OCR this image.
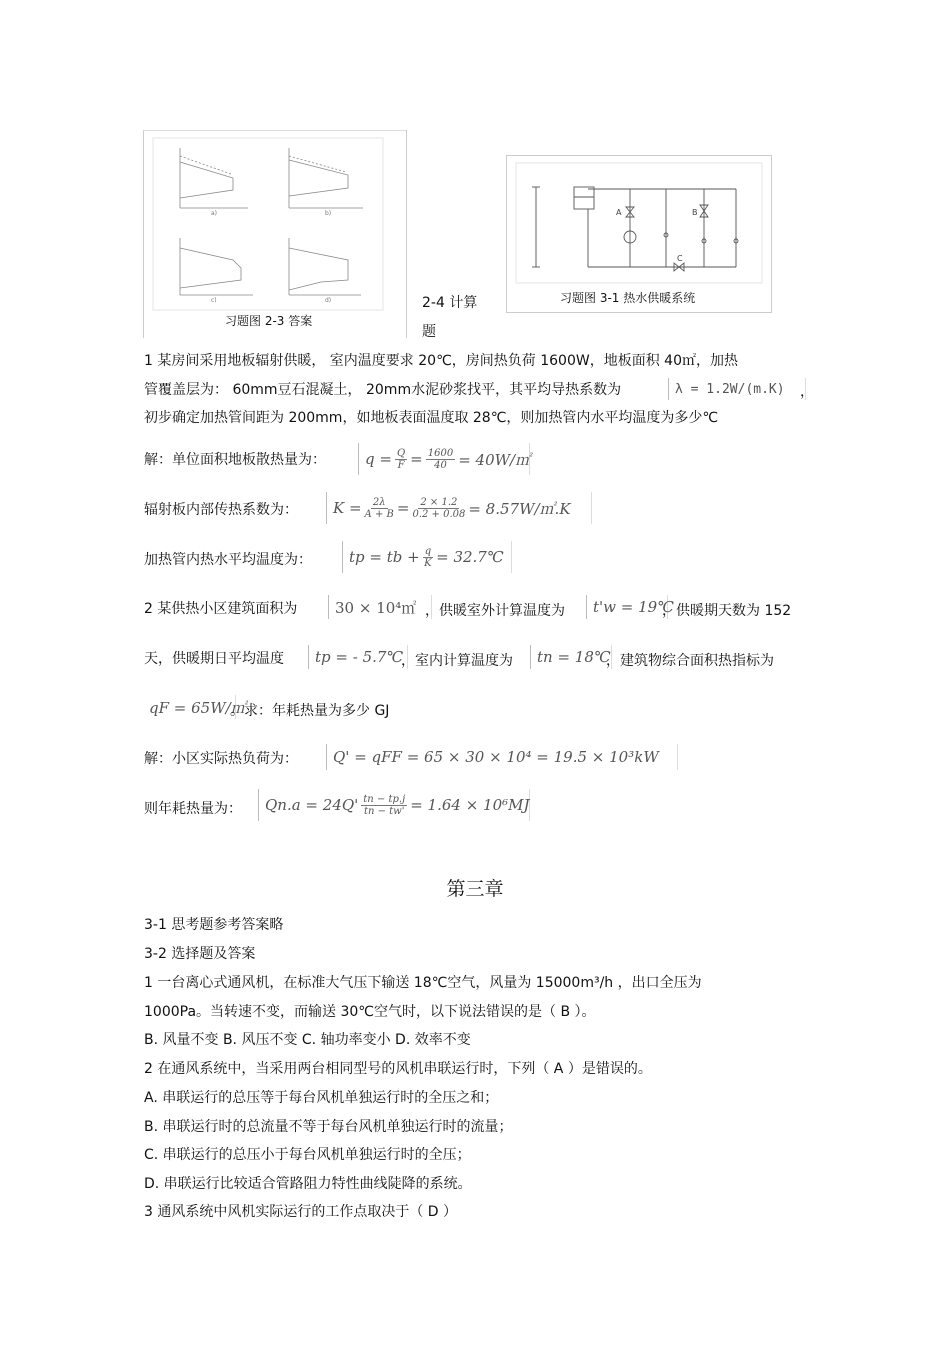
a)	b)
c)	d)
习题图 2-3 答案
2-4 计算
题
A	B
C
习题图 3-1 热水供暖系统
1 某房间采用地板辐射供暖， 室内温度要求 20℃，房间热负荷 1600W，地板面积 40㎡，加热
管覆盖层为： 60mm豆石混凝土， 20mm水泥砂浆找平，其平均导热系数为	λ = 1.2W/(m.K)	，
初步确定加热管间距为 200mm，如地板表面温度取 28℃，则加热管内水平均温度为多少℃
解：单位面积地板散热量为：	$q = \frac{Q}{F} = \frac{1600}{40}$ = 40W/㎡
辐射板内部传热系数为： $K = \frac{2\lambda}{A + B} = \frac{2 \times 1.2}{0.2 + 0.08}$ = 8.57W/㎡.K
加热管内热水平均温度为： tp = tb + $\frac{q}{K}$ = 32.7℃
2 某供热小区建筑面积为	30 × 10⁴㎡ ，供暖室外计算温度为	t'w = 19℃
，供暖期天数为 152
天，供暖期日平均温度	tp = - 5.7℃
，室内计算温度为	tn = 18℃
，建筑物综合面积热指标为
qF = 65W/㎡
。求：年耗热量为多少 GJ
解：小区实际热负荷为：	Q' = qFF = 65 × 30 × 10⁴ = 19.5 × 10³kW
则年耗热量为： $Qn.a = 24Q' \frac{tn - tp.j}{tn - tw'} = 1.64 \times 10^6MJ$
第三章
3-1 思考题参考答案略
3-2 选择题及答案
1 一台离心式通风机，在标准大气压下输送 18℃空气，风量为 15000m³/h ，出口全压为
1000Pa。当转速不变，而输送 30℃空气时，以下说法错误的是（ B ）。
B. 风量不变 B. 风压不变 C. 轴功率变小 D. 效率不变
2 在通风系统中，当采用两台相同型号的风机串联运行时，下列（ A ）是错误的。
A. 串联运行的总压等于每台风机单独运行时的全压之和；
B. 串联运行时的总流量不等于每台风机单独运行时的流量；
C. 串联运行的总压小于每台风机单独运行时的全压；
D. 串联运行比较适合管路阻力特性曲线陡降的系统。
3 通风系统中风机实际运行的工作点取决于（ D ）
